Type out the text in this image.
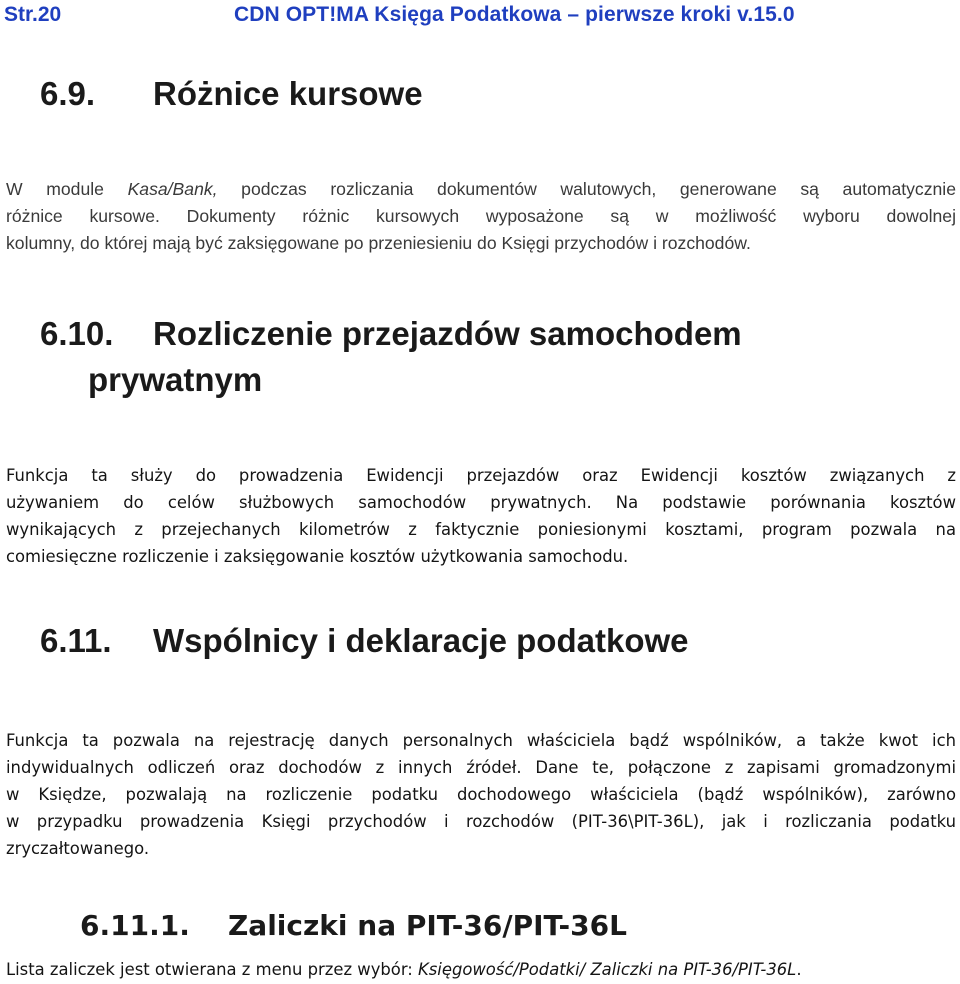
Str.20	CDN OPT!MA Księga Podatkowa – pierwsze kroki v.15.0
6.9. Różnice kursowe
W module Kasa/Bank, podczas rozliczania dokumentów walutowych, generowane są automatycznie
różnice kursowe. Dokumenty różnic kursowych wyposażone są w możliwość wyboru dowolnej
kolumny, do której mają być zaksięgowane po przeniesieniu do Księgi przychodów i rozchodów.
6.10. Rozliczenie przejazdów samochodem
prywatnym
Funkcja ta służy do prowadzenia Ewidencji przejazdów oraz Ewidencji kosztów związanych z
używaniem do celów służbowych samochodów prywatnych. Na podstawie porównania kosztów
wynikających z przejechanych kilometrów z faktycznie poniesionymi kosztami, program pozwala na
comiesięczne rozliczenie i zaksięgowanie kosztów użytkowania samochodu.
6.11. Wspólnicy i deklaracje podatkowe
Funkcja ta pozwala na rejestrację danych personalnych właściciela bądź wspólników, a także kwot ich
indywidualnych odliczeń oraz dochodów z innych źródeł. Dane te, połączone z zapisami gromadzonymi
w Księdze, pozwalają na rozliczenie podatku dochodowego właściciela (bądź wspólników), zarówno
w przypadku prowadzenia Księgi przychodów i rozchodów (PIT-36\PIT-36L), jak i rozliczania podatku
zryczałtowanego.
6.11.1. Zaliczki na PIT-36/PIT-36L
Lista zaliczek jest otwierana z menu przez wybór: Księgowość/Podatki/ Zaliczki na PIT-36/PIT-36L.
